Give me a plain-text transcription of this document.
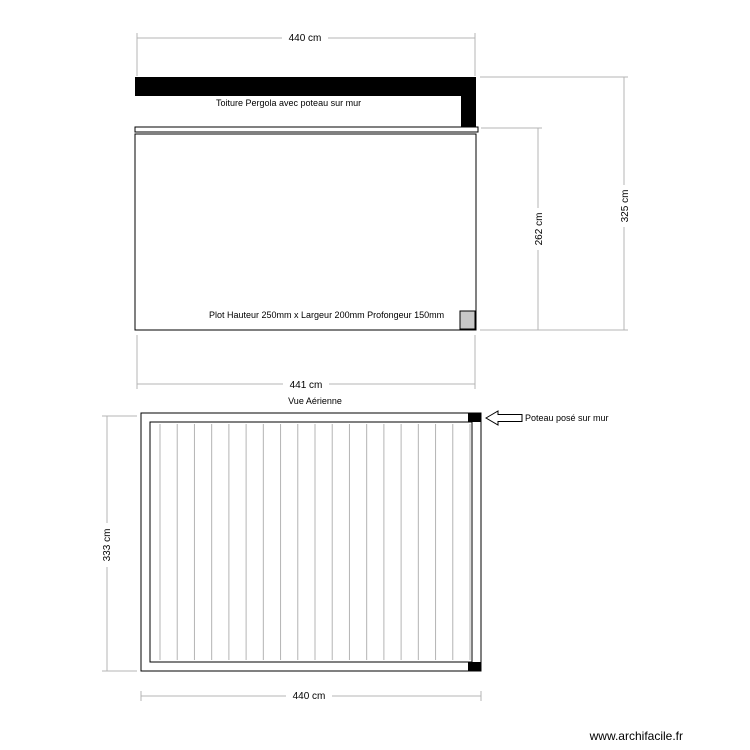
440 cm
Toiture Pergola avec poteau sur mur
Plot Hauteur 250mm x Largeur 200mm Profongeur 150mm
262 cm
325 cm
441 cm
Vue Aérienne
Poteau posé sur mur
333 cm
440 cm
www.archifacile.fr
